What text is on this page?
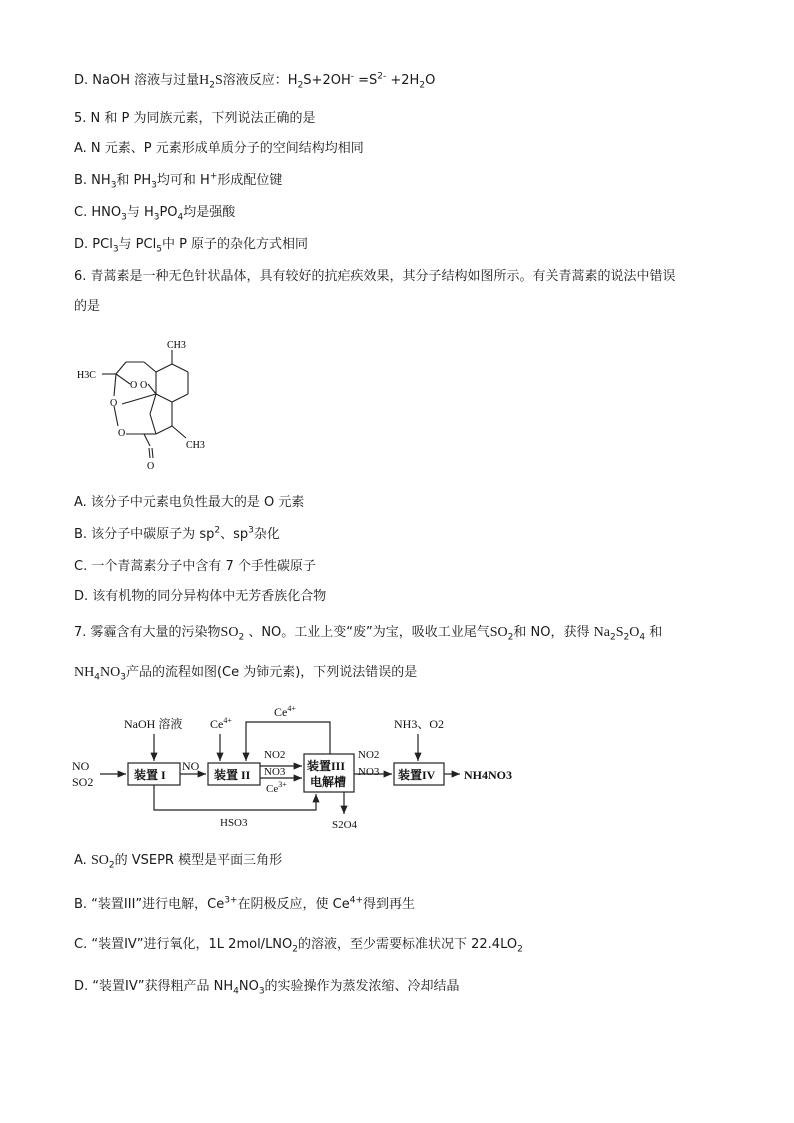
D. NaOH 溶液与过量$H_2S$溶液反应：$H_2S+2OH^- =S^{2-} +2H_2O$
5. N 和 P 为同族元素，下列说法正确的是
A. N 元素、P 元素形成单质分子的空间结构均相同
B. $NH_3$和 $PH_3$均可和 H+形成配位键
C. $HNO_3$与 $H_3PO_4$均是强酸
D. PCl$_3$与 PCl$_5$中 P 原子的杂化方式相同
6. 青蒿素是一种无色针状晶体，具有较好的抗疟疾效果，其分子结构如图所示。有关青蒿素的说法中错误
的是
H3C
CH3
CH3
O O
O
O
O
A. 该分子中元素电负性最大的是 O 元素
B. 该分子中碳原子为 $sp^2$、$sp^3$杂化
C. 一个青蒿素分子中含有 7 个手性碳原子
D. 该有机物的同分异构体中无芳香族化合物
7. 雾霾含有大量的污染物$SO_2$ 、NO。工业上变“废”为宝，吸收工业尾气$SO_2$和 NO，获得 $Na_2S_2O_4$ 和
$NH_4NO_3$产品的流程如图(Ce 为铈元素)，下列说法错误的是
NO
SO2
NaOH 溶液
装置 I
NO
$Ce^{4+}$
装置 II
$Ce^{4+}$
NO2
NO3
$Ce^{3+}$
装置III
电解槽
NO2
NO3
NH3、O2
装置IV NH4NO3
HSO3	S2O4
A. $SO_2$的 VSEPR 模型是平面三角形
B. “装置III”进行电解，$Ce^{3+}$在阴极反应，使 $Ce^{4+}$得到再生
C. “装置IV”进行氧化，1L $2mol/LNO_2$的溶液，至少需要标准状况下 $22.4LO_2$
D. “装置IV”获得粗产品 $NH_4NO_3$的实验操作为蒸发浓缩、冷却结晶
